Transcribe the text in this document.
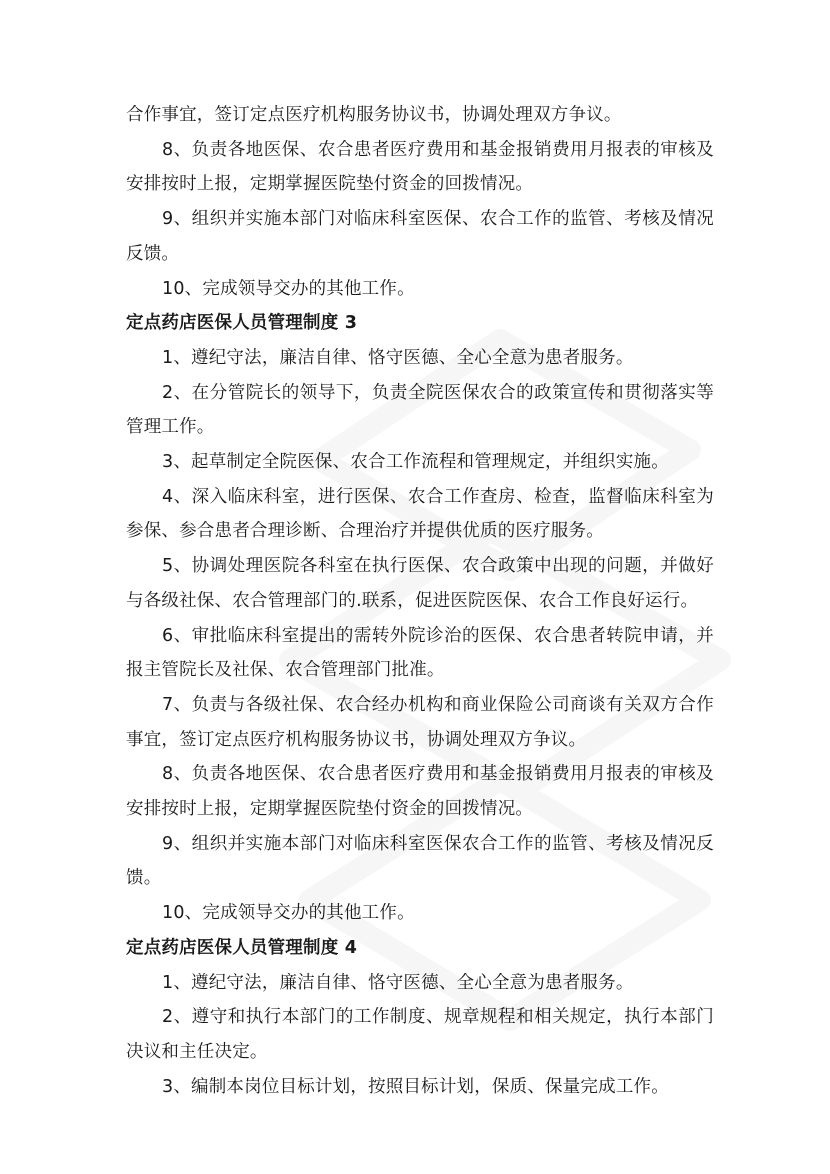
合作事宜，签订定点医疗机构服务协议书，协调处理双方争议。

8、负责各地医保、农合患者医疗费用和基金报销费用月报表的审核及安排按时上报，定期掌握医院垫付资金的回拨情况。

9、组织并实施本部门对临床科室医保、农合工作的监管、考核及情况反馈。

10、完成领导交办的其他工作。

定点药店医保人员管理制度 3

1、遵纪守法，廉洁自律、恪守医德、全心全意为患者服务。

2、在分管院长的领导下，负责全院医保农合的政策宣传和贯彻落实等管理工作。

3、起草制定全院医保、农合工作流程和管理规定，并组织实施。

4、深入临床科室，进行医保、农合工作查房、检查，监督临床科室为参保、参合患者合理诊断、合理治疗并提供优质的医疗服务。

5、协调处理医院各科室在执行医保、农合政策中出现的问题，并做好与各级社保、农合管理部门的.联系，促进医院医保、农合工作良好运行。

6、审批临床科室提出的需转外院诊治的医保、农合患者转院申请，并报主管院长及社保、农合管理部门批准。

7、负责与各级社保、农合经办机构和商业保险公司商谈有关双方合作事宜，签订定点医疗机构服务协议书，协调处理双方争议。

8、负责各地医保、农合患者医疗费用和基金报销费用月报表的审核及安排按时上报，定期掌握医院垫付资金的回拨情况。

9、组织并实施本部门对临床科室医保农合工作的监管、考核及情况反馈。

10、完成领导交办的其他工作。

定点药店医保人员管理制度 4

1、遵纪守法，廉洁自律、恪守医德、全心全意为患者服务。

2、遵守和执行本部门的工作制度、规章规程和相关规定，执行本部门决议和主任决定。

3、编制本岗位目标计划，按照目标计划，保质、保量完成工作。
